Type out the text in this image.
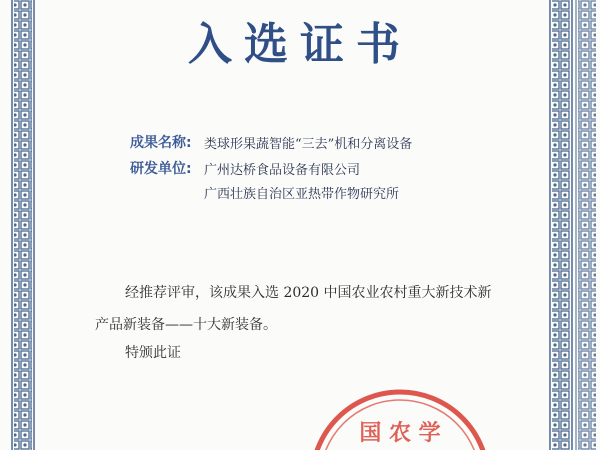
入选证书
成果名称: 类球形果蔬智能“三去”机和分离设备
研发单位: 广州达桥食品设备有限公司
广西壮族自治区亚热带作物研究所
经推荐评审，该成果入选 2020 中国农业农村重大新技术新
产品新装备——十大新装备。
特颁此证
国 农 学
